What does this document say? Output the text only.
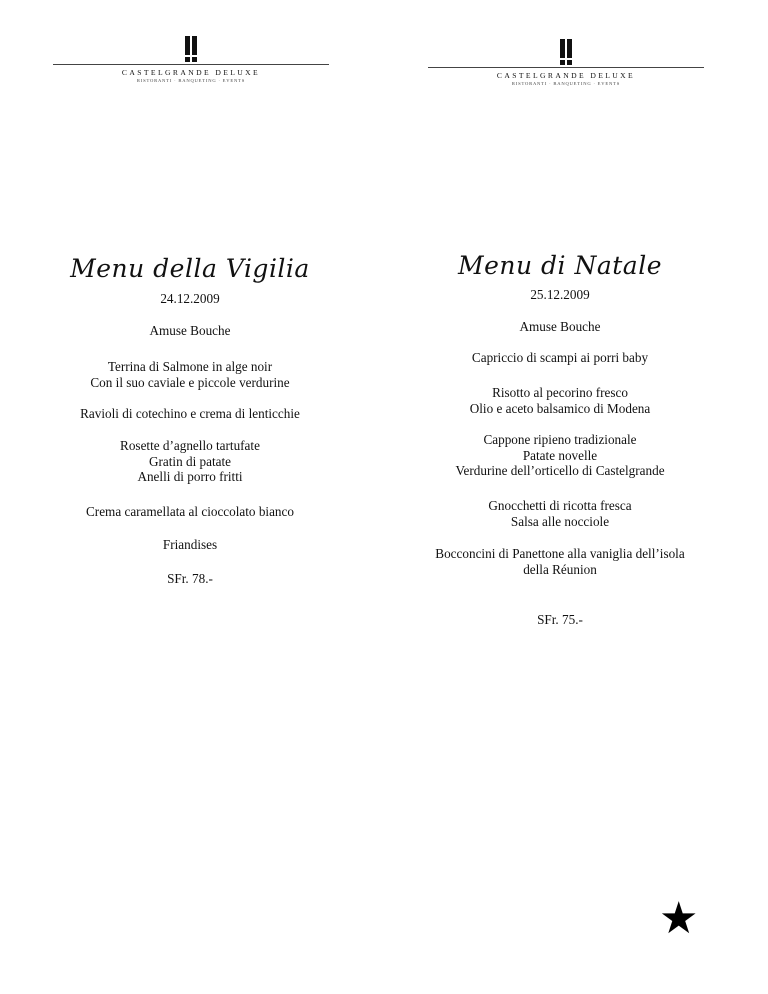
CASTELGRANDE DELUXE
RISTORANTI · BANQUETING · EVENTS
CASTELGRANDE DELUXE
RISTORANTI · BANQUETING · EVENTS
Menu della Vigilia
24.12.2009
Amuse Bouche
Terrina di Salmone in alge noir
Con il suo caviale e piccole verdurine
Ravioli di cotechino e crema di lenticchie
Rosette d’agnello tartufate
Gratin di patate
Anelli di porro fritti
Crema caramellata al cioccolato bianco
Friandises
SFr. 78.-
Menu di Natale
25.12.2009
Amuse Bouche
Capriccio di scampi ai porri baby
Risotto al pecorino fresco
Olio e aceto balsamico di Modena
Cappone ripieno tradizionale
Patate novelle
Verdurine dell’orticello di Castelgrande
Gnocchetti di ricotta fresca
Salsa alle nocciole
Bocconcini di Panettone alla vaniglia dell’isola
della Réunion
SFr. 75.-
★
